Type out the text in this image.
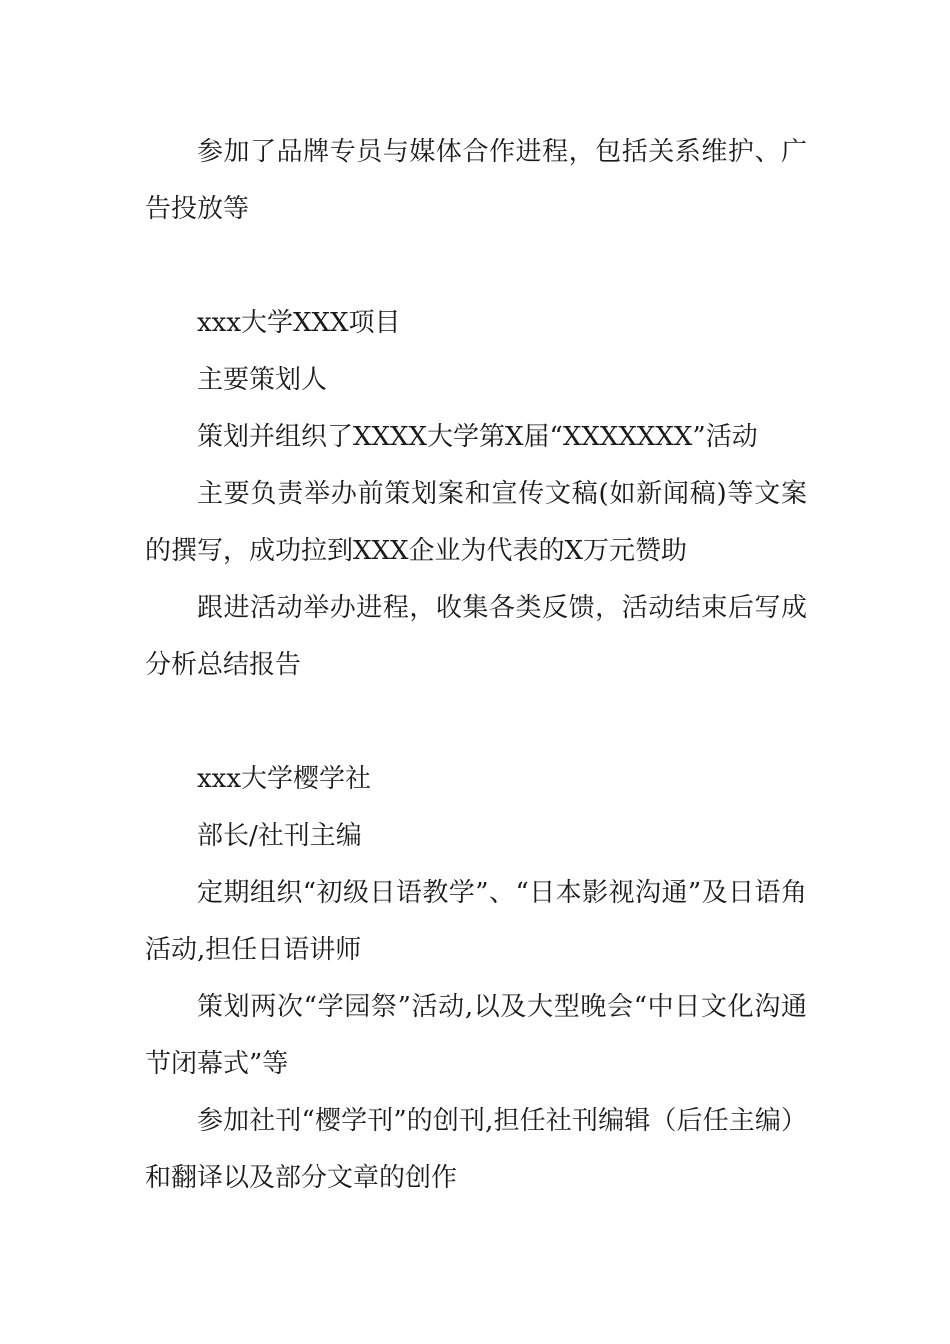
参加了品牌专员与媒体合作进程，包括关系维护、广告投放等

xxx大学XXX项目

主要策划人

策划并组织了XXXX大学第X届“XXXXXXX”活动

主要负责举办前策划案和宣传文稿(如新闻稿)等文案的撰写，成功拉到XXX企业为代表的X万元赞助

跟进活动举办进程，收集各类反馈，活动结束后写成分析总结报告

xxx大学樱学社

部长/社刊主编

定期组织“初级日语教学”、“日本影视沟通”及日语角活动,担任日语讲师

策划两次“学园祭”活动,以及大型晚会“中日文化沟通节闭幕式”等

参加社刊“樱学刊”的创刊,担任社刊编辑（后任主编）和翻译以及部分文章的创作
